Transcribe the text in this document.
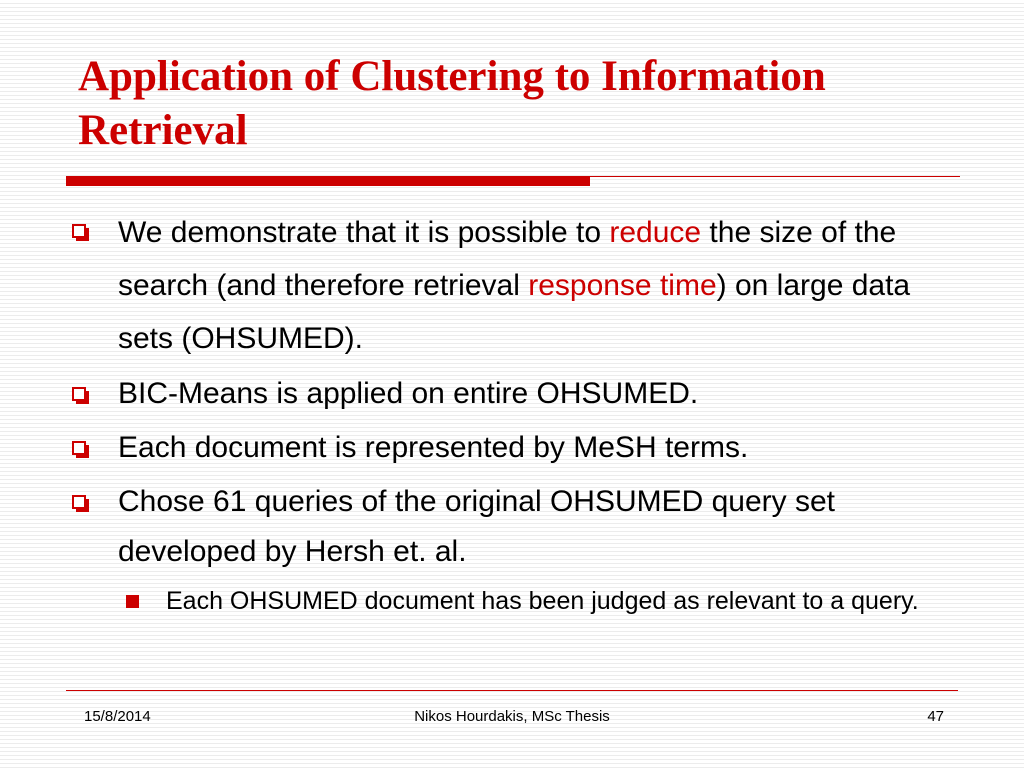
Application of Clustering to Information Retrieval
We demonstrate that it is possible to reduce the size of the search (and therefore retrieval response time) on large data sets (OHSUMED).
BIC-Means is applied on entire OHSUMED.
Each document is represented by MeSH terms.
Chose 61 queries of the original OHSUMED query set developed by Hersh et. al.
Each OHSUMED document has been judged as relevant to a query.
15/8/2014	Nikos Hourdakis, MSc Thesis	47
